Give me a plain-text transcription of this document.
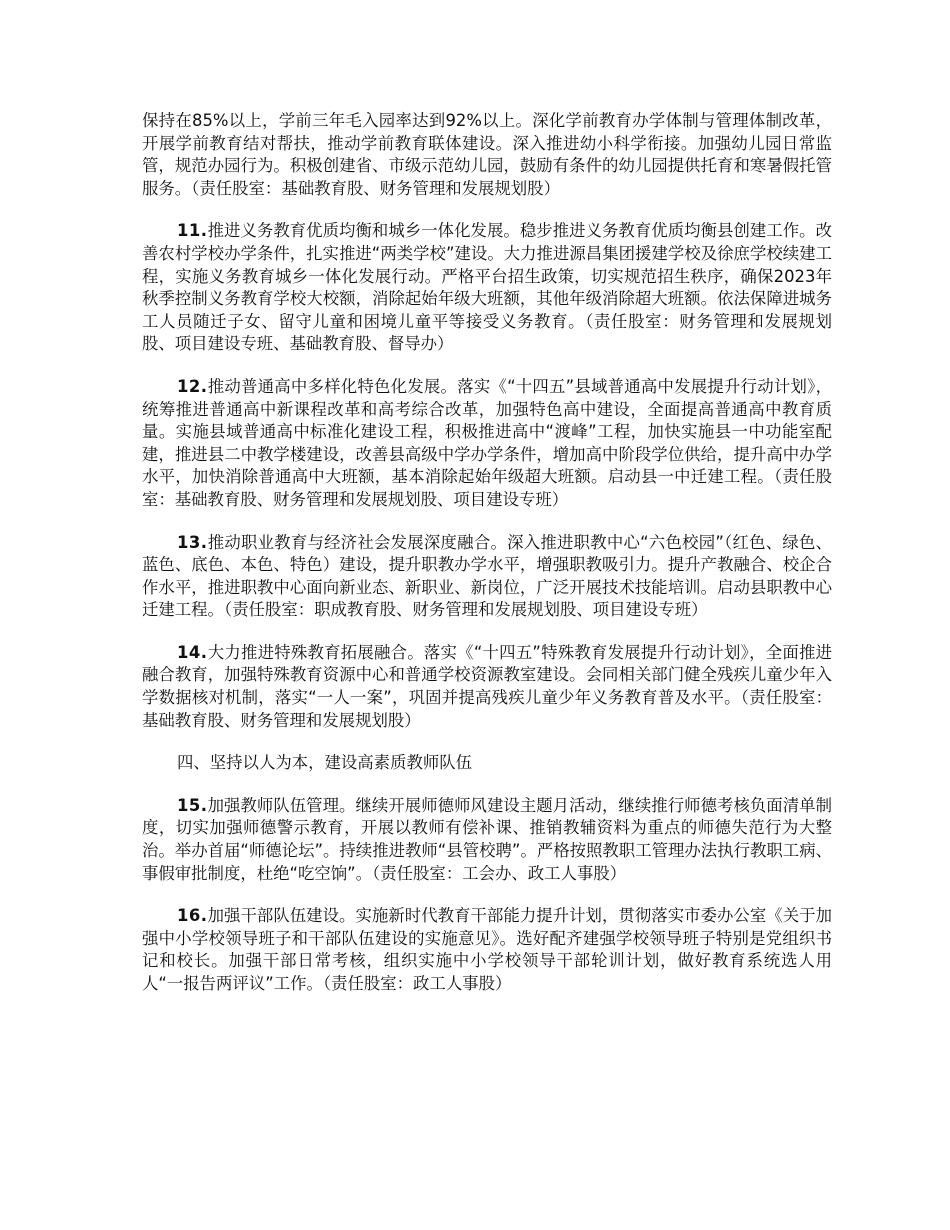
保持在85%以上，学前三年毛入园率达到92%以上。深化学前教育办学体制与管理体制改革，开展学前教育结对帮扶，推动学前教育联体建设。深入推进幼小科学衔接。加强幼儿园日常监管，规范办园行为。积极创建省、市级示范幼儿园，鼓励有条件的幼儿园提供托育和寒暑假托管服务。（责任股室：基础教育股、财务管理和发展规划股）

11.推进义务教育优质均衡和城乡一体化发展。稳步推进义务教育优质均衡县创建工作。改善农村学校办学条件，扎实推进“两类学校”建设。大力推进源昌集团援建学校及徐庶学校续建工程，实施义务教育城乡一体化发展行动。严格平台招生政策，切实规范招生秩序，确保2023年秋季控制义务教育学校大校额，消除起始年级大班额，其他年级消除超大班额。依法保障进城务工人员随迁子女、留守儿童和困境儿童平等接受义务教育。（责任股室：财务管理和发展规划股、项目建设专班、基础教育股、督导办）

12.推动普通高中多样化特色化发展。落实《“十四五”县域普通高中发展提升行动计划》，统筹推进普通高中新课程改革和高考综合改革，加强特色高中建设，全面提高普通高中教育质量。实施县域普通高中标准化建设工程，积极推进高中“渡峰”工程，加快实施县一中功能室配建，推进县二中教学楼建设，改善县高级中学办学条件，增加高中阶段学位供给，提升高中办学水平，加快消除普通高中大班额，基本消除起始年级超大班额。启动县一中迁建工程。（责任股室：基础教育股、财务管理和发展规划股、项目建设专班）

13.推动职业教育与经济社会发展深度融合。深入推进职教中心“六色校园”（红色、绿色、蓝色、底色、本色、特色）建设，提升职教办学水平，增强职教吸引力。提升产教融合、校企合作水平，推进职教中心面向新业态、新职业、新岗位，广泛开展技术技能培训。启动县职教中心迁建工程。（责任股室：职成教育股、财务管理和发展规划股、项目建设专班）

14.大力推进特殊教育拓展融合。落实《“十四五”特殊教育发展提升行动计划》，全面推进融合教育，加强特殊教育资源中心和普通学校资源教室建设。会同相关部门健全残疾儿童少年入学数据核对机制，落实“一人一案”，巩固并提高残疾儿童少年义务教育普及水平。（责任股室：基础教育股、财务管理和发展规划股）

四、坚持以人为本，建设高素质教师队伍

15.加强教师队伍管理。继续开展师德师风建设主题月活动，继续推行师德考核负面清单制度，切实加强师德警示教育，开展以教师有偿补课、推销教辅资料为重点的师德失范行为大整治。举办首届“师德论坛”。持续推进教师“县管校聘”。严格按照教职工管理办法执行教职工病、事假审批制度，杜绝“吃空饷”。（责任股室：工会办、政工人事股）

16.加强干部队伍建设。实施新时代教育干部能力提升计划，贯彻落实市委办公室《关于加强中小学校领导班子和干部队伍建设的实施意见》。选好配齐建强学校领导班子特别是党组织书记和校长。加强干部日常考核，组织实施中小学校领导干部轮训计划，做好教育系统选人用人“一报告两评议”工作。（责任股室：政工人事股）
